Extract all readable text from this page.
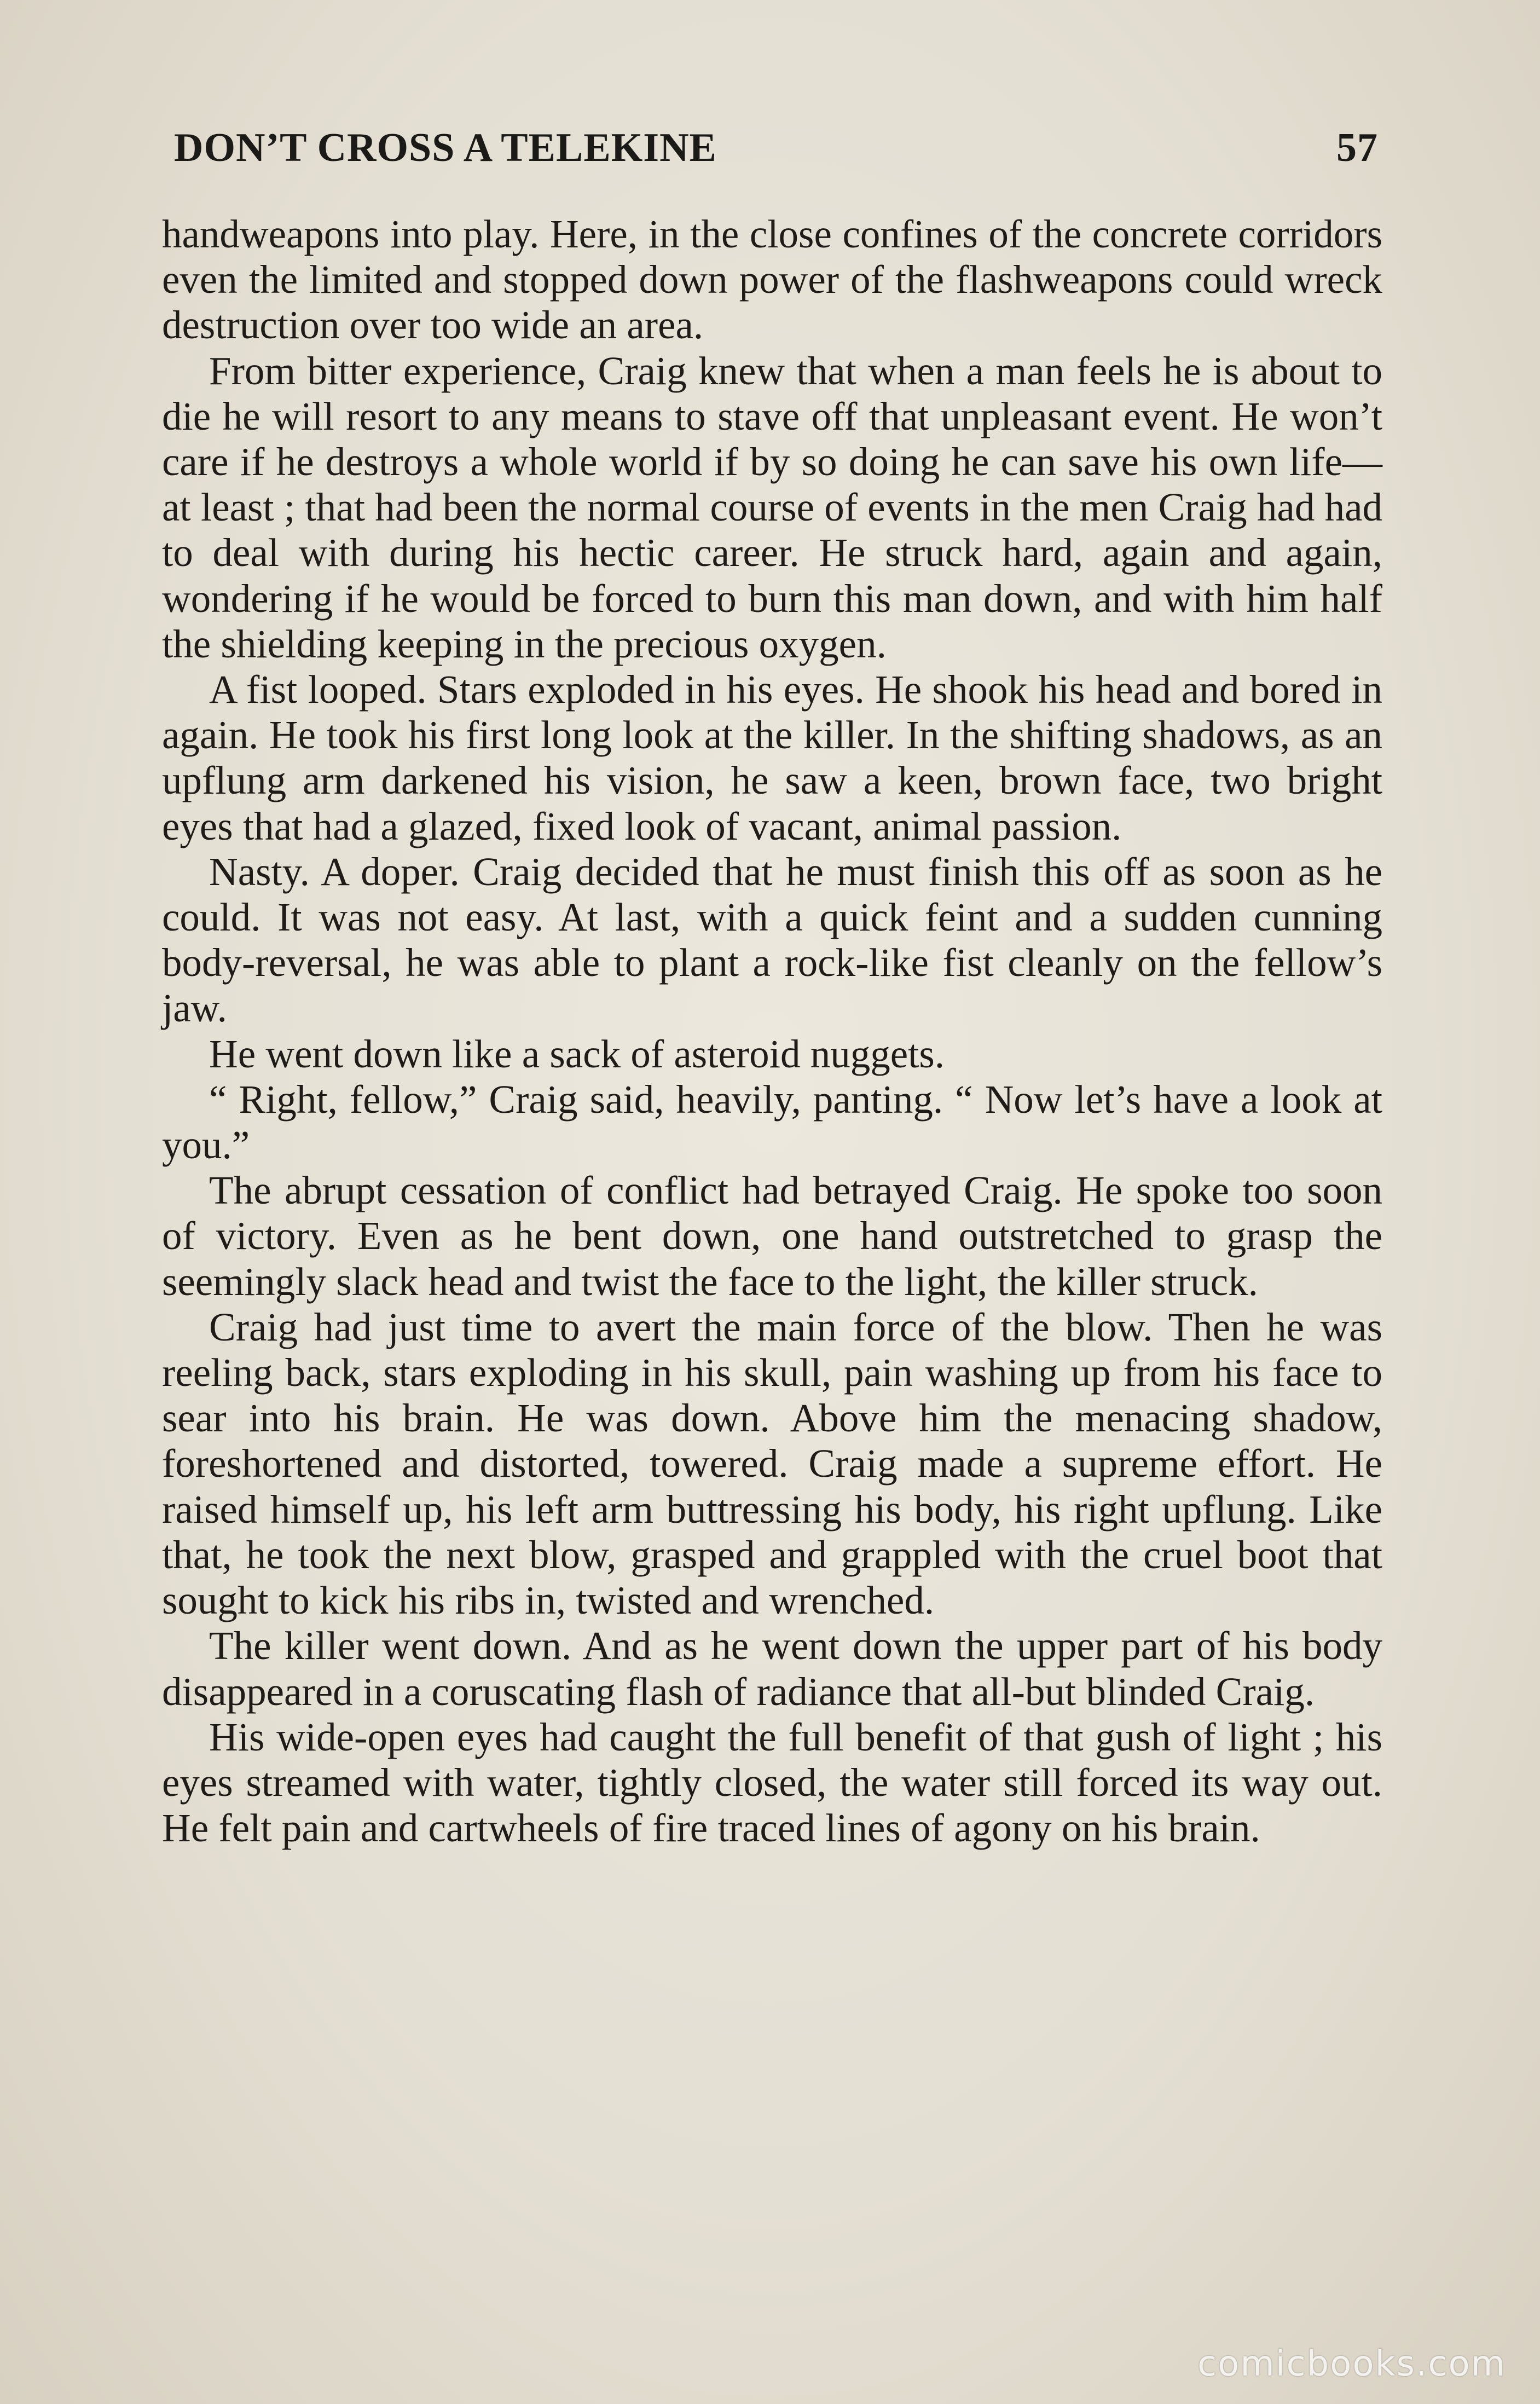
DON’T CROSS A TELEKINE	57

handweapons into play. Here, in the close confines of the concrete corridors even the limited and stopped down power of the flashweapons could wreck destruction over too wide an area.

From bitter experience, Craig knew that when a man feels he is about to die he will resort to any means to stave off that unpleasant event. He won’t care if he destroys a whole world if by so doing he can save his own life—at least ; that had been the normal course of events in the men Craig had had to deal with during his hectic career. He struck hard, again and again, wondering if he would be forced to burn this man down, and with him half the shielding keeping in the precious oxygen.

A fist looped. Stars exploded in his eyes. He shook his head and bored in again. He took his first long look at the killer. In the shifting shadows, as an upflung arm darkened his vision, he saw a keen, brown face, two bright eyes that had a glazed, fixed look of vacant, animal passion.

Nasty. A doper. Craig decided that he must finish this off as soon as he could. It was not easy. At last, with a quick feint and a sudden cunning body-reversal, he was able to plant a rock-like fist cleanly on the fellow’s jaw.

He went down like a sack of asteroid nuggets.

“ Right, fellow,” Craig said, heavily, panting. “ Now let’s have a look at you.”

The abrupt cessation of conflict had betrayed Craig. He spoke too soon of victory. Even as he bent down, one hand outstretched to grasp the seemingly slack head and twist the face to the light, the killer struck.

Craig had just time to avert the main force of the blow. Then he was reeling back, stars exploding in his skull, pain washing up from his face to sear into his brain. He was down. Above him the menacing shadow, foreshortened and distorted, towered. Craig made a supreme effort. He raised himself up, his left arm buttressing his body, his right upflung. Like that, he took the next blow, grasped and grappled with the cruel boot that sought to kick his ribs in, twisted and wrenched.

The killer went down. And as he went down the upper part of his body disappeared in a coruscating flash of radiance that all-but blinded Craig.

His wide-open eyes had caught the full benefit of that gush of light ; his eyes streamed with water, tightly closed, the water still forced its way out. He felt pain and cartwheels of fire traced lines of agony on his brain.

comicbooks.com
